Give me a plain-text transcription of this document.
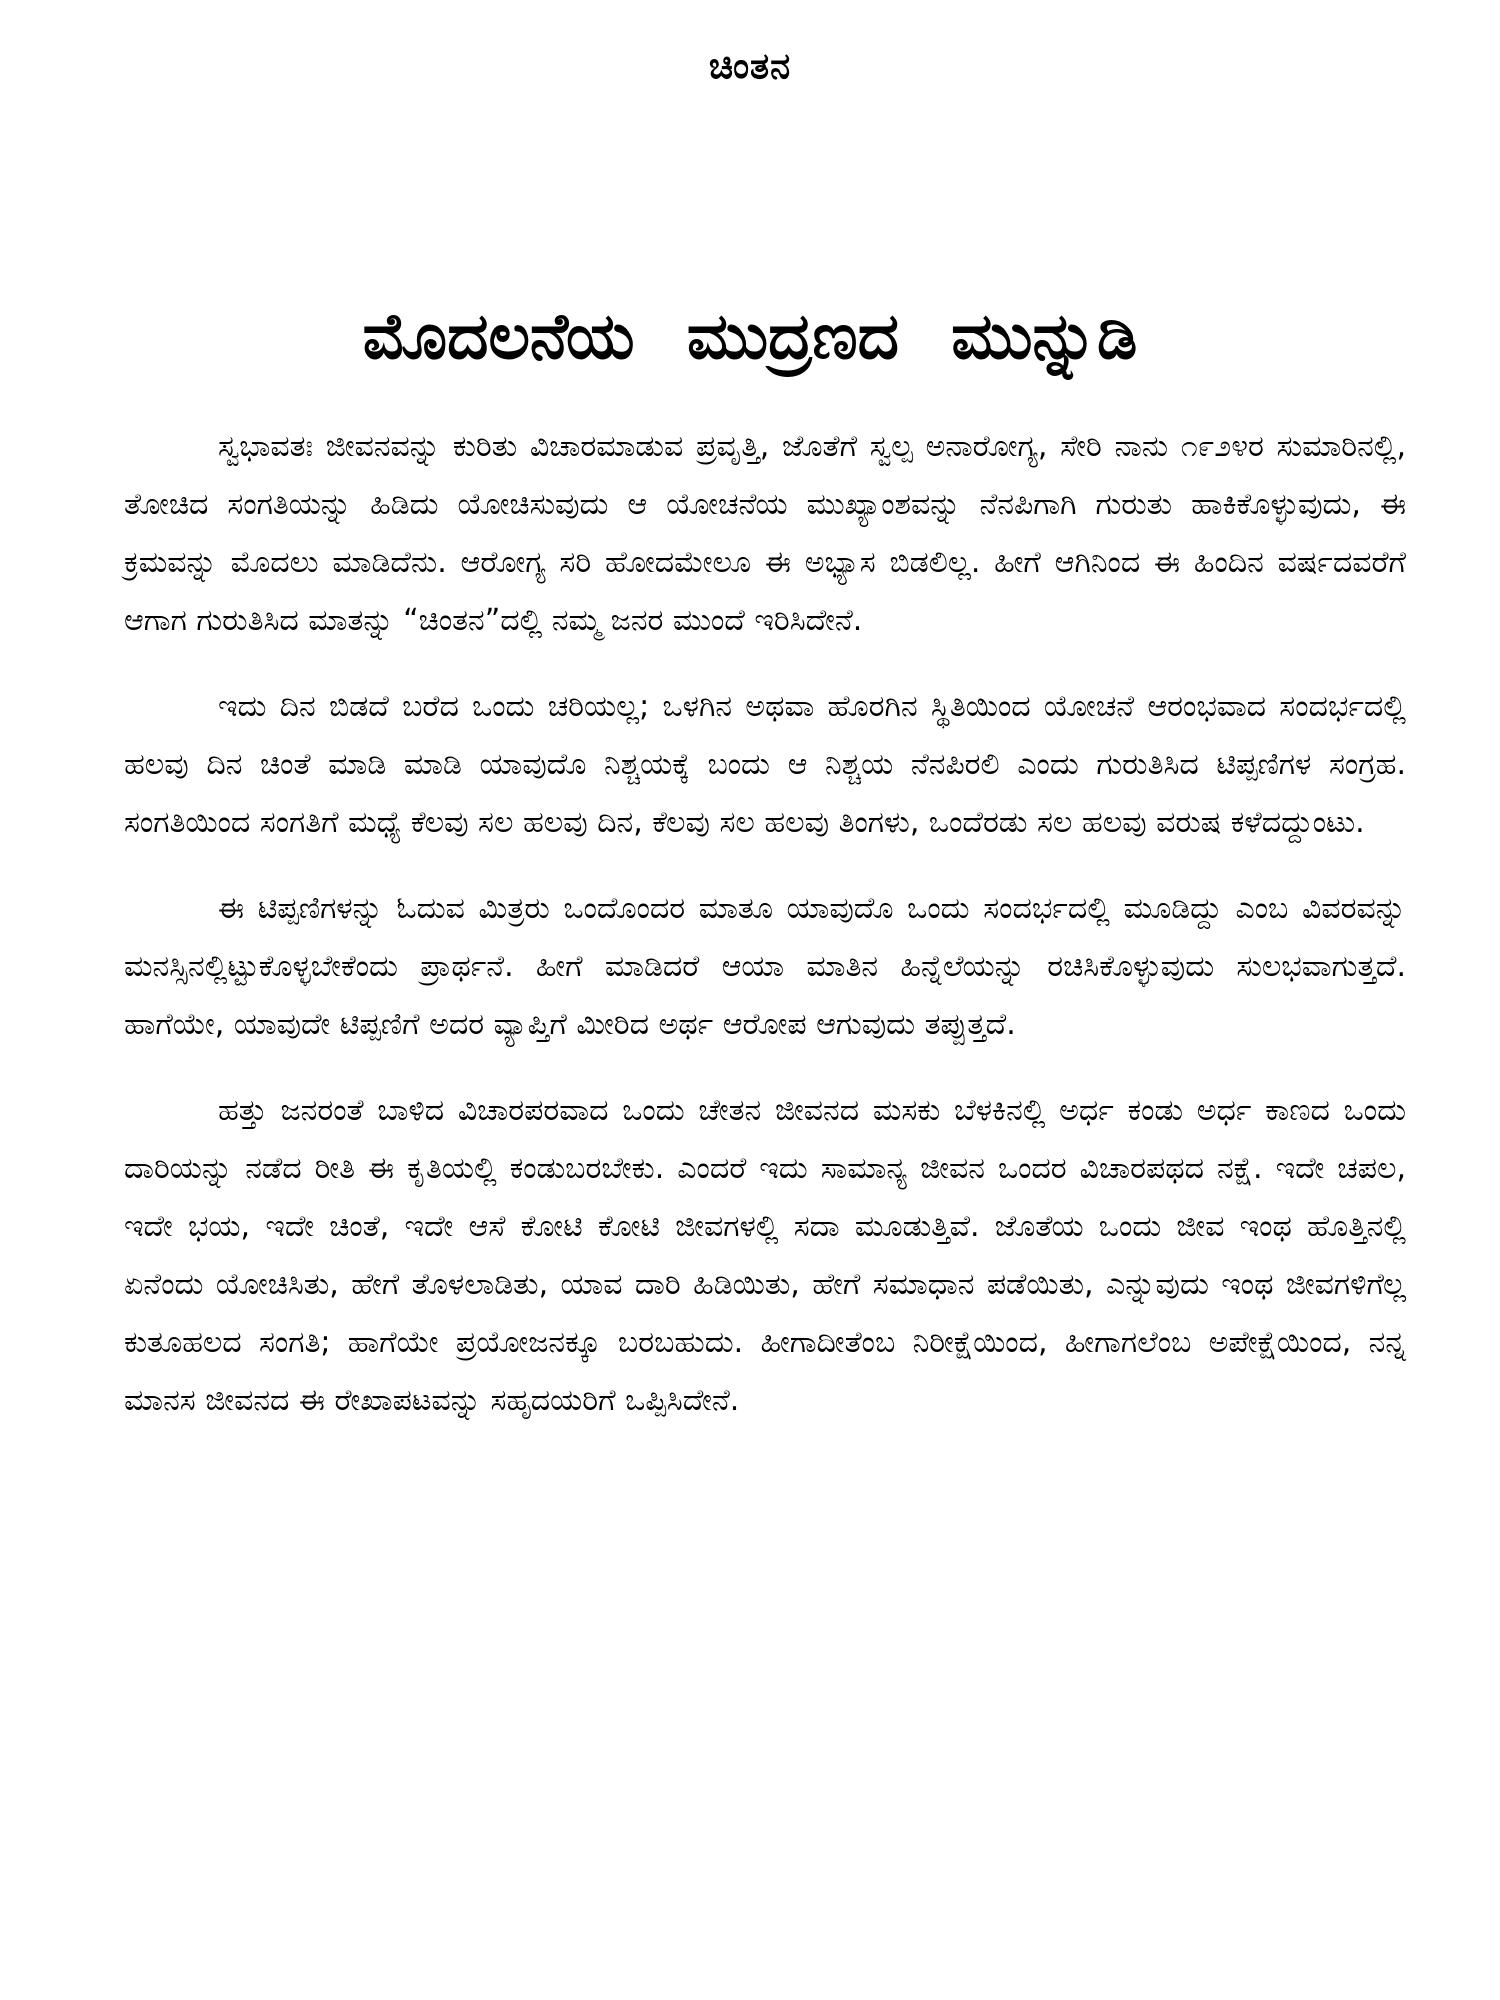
ಚಿಂತನ
ಮೊದಲನೆಯ ಮುದ್ರಣದ ಮುನ್ನುಡಿ

ಸ್ವಭಾವತಃ ಜೀವನವನ್ನು ಕುರಿತು ವಿಚಾರಮಾಡುವ ಪ್ರವೃತ್ತಿ, ಜೊತೆಗೆ ಸ್ವಲ್ಪ ಅನಾರೋಗ್ಯ, ಸೇರಿ ನಾನು ೧೯೨೪ರ ಸುಮಾರಿನಲ್ಲಿ, ತೋಚಿದ ಸಂಗತಿಯನ್ನು ಹಿಡಿದು ಯೋಚಿಸುವುದು ಆ ಯೋಚನೆಯ ಮುಖ್ಯಾಂಶವನ್ನು ನೆನಪಿಗಾಗಿ ಗುರುತು ಹಾಕಿಕೊಳ್ಳುವುದು, ಈ ಕ್ರಮವನ್ನು ಮೊದಲು ಮಾಡಿದೆನು. ಆರೋಗ್ಯ ಸರಿ ಹೋದಮೇಲೂ ಈ ಅಭ್ಯಾಸ ಬಿಡಲಿಲ್ಲ. ಹೀಗೆ ಆಗಿನಿಂದ ಈ ಹಿಂದಿನ ವರ್ಷದವರೆಗೆ ಆಗಾಗ ಗುರುತಿಸಿದ ಮಾತನ್ನು “ಚಿಂತನ”ದಲ್ಲಿ ನಮ್ಮ ಜನರ ಮುಂದೆ ಇರಿಸಿದೇನೆ.

ಇದು ದಿನ ಬಿಡದೆ ಬರೆದ ಒಂದು ಚರಿಯಲ್ಲ; ಒಳಗಿನ ಅಥವಾ ಹೊರಗಿನ ಸ್ಥಿತಿಯಿಂದ ಯೋಚನೆ ಆರಂಭವಾದ ಸಂದರ್ಭದಲ್ಲಿ ಹಲವು ದಿನ ಚಿಂತೆ ಮಾಡಿ ಮಾಡಿ ಯಾವುದೊ ನಿಶ್ಚಯಕ್ಕೆ ಬಂದು ಆ ನಿಶ್ಚಯ ನೆನಪಿರಲಿ ಎಂದು ಗುರುತಿಸಿದ ಟಿಪ್ಪಣಿಗಳ ಸಂಗ್ರಹ. ಸಂಗತಿಯಿಂದ ಸಂಗತಿಗೆ ಮಧ್ಯೆ ಕೆಲವು ಸಲ ಹಲವು ದಿನ, ಕೆಲವು ಸಲ ಹಲವು ತಿಂಗಳು, ಒಂದೆರಡು ಸಲ ಹಲವು ವರುಷ ಕಳೆದದ್ದುಂಟು.

ಈ ಟಿಪ್ಪಣಿಗಳನ್ನು ಓದುವ ಮಿತ್ರರು ಒಂದೊಂದರ ಮಾತೂ ಯಾವುದೊ ಒಂದು ಸಂದರ್ಭದಲ್ಲಿ ಮೂಡಿದ್ದು ಎಂಬ ವಿವರವನ್ನು ಮನಸ್ಸಿನಲ್ಲಿಟ್ಟುಕೊಳ್ಳಬೇಕೆಂದು ಪ್ರಾರ್ಥನೆ. ಹೀಗೆ ಮಾಡಿದರೆ ಆಯಾ ಮಾತಿನ ಹಿನ್ನೆಲೆಯನ್ನು ರಚಿಸಿಕೊಳ್ಳುವುದು ಸುಲಭವಾಗುತ್ತದೆ. ಹಾಗೆಯೇ, ಯಾವುದೇ ಟಿಪ್ಪಣಿಗೆ ಅದರ ವ್ಯಾಪ್ತಿಗೆ ಮೀರಿದ ಅರ್ಥ ಆರೋಪ ಆಗುವುದು ತಪ್ಪುತ್ತದೆ.

ಹತ್ತು ಜನರಂತೆ ಬಾಳಿದ ವಿಚಾರಪರವಾದ ಒಂದು ಚೇತನ ಜೀವನದ ಮಸಕು ಬೆಳಕಿನಲ್ಲಿ ಅರ್ಧ ಕಂಡು ಅರ್ಧ ಕಾಣದ ಒಂದು ದಾರಿಯನ್ನು ನಡೆದ ರೀತಿ ಈ ಕೃತಿಯಲ್ಲಿ ಕಂಡುಬರಬೇಕು. ಎಂದರೆ ಇದು ಸಾಮಾನ್ಯ ಜೀವನ ಒಂದರ ವಿಚಾರಪಥದ ನಕ್ಷೆ. ಇದೇ ಚಪಲ, ಇದೇ ಭಯ, ಇದೇ ಚಿಂತೆ, ಇದೇ ಆಸೆ ಕೋಟಿ ಕೋಟಿ ಜೀವಗಳಲ್ಲಿ ಸದಾ ಮೂಡುತ್ತಿವೆ. ಜೊತೆಯ ಒಂದು ಜೀವ ಇಂಥ ಹೊತ್ತಿನಲ್ಲಿ ಏನೆಂದು ಯೋಚಿಸಿತು, ಹೇಗೆ ತೊಳಲಾಡಿತು, ಯಾವ ದಾರಿ ಹಿಡಿಯಿತು, ಹೇಗೆ ಸಮಾಧಾನ ಪಡೆಯಿತು, ಎನ್ನುವುದು ಇಂಥ ಜೀವಗಳಿಗೆಲ್ಲ ಕುತೂಹಲದ ಸಂಗತಿ; ಹಾಗೆಯೇ ಪ್ರಯೋಜನಕ್ಕೂ ಬರಬಹುದು. ಹೀಗಾದೀತೆಂಬ ನಿರೀಕ್ಷೆಯಿಂದ, ಹೀಗಾಗಲೆಂಬ ಅಪೇಕ್ಷೆಯಿಂದ, ನನ್ನ ಮಾನಸ ಜೀವನದ ಈ ರೇಖಾಪಟವನ್ನು ಸಹೃದಯರಿಗೆ ಒಪ್ಪಿಸಿದೇನೆ.
